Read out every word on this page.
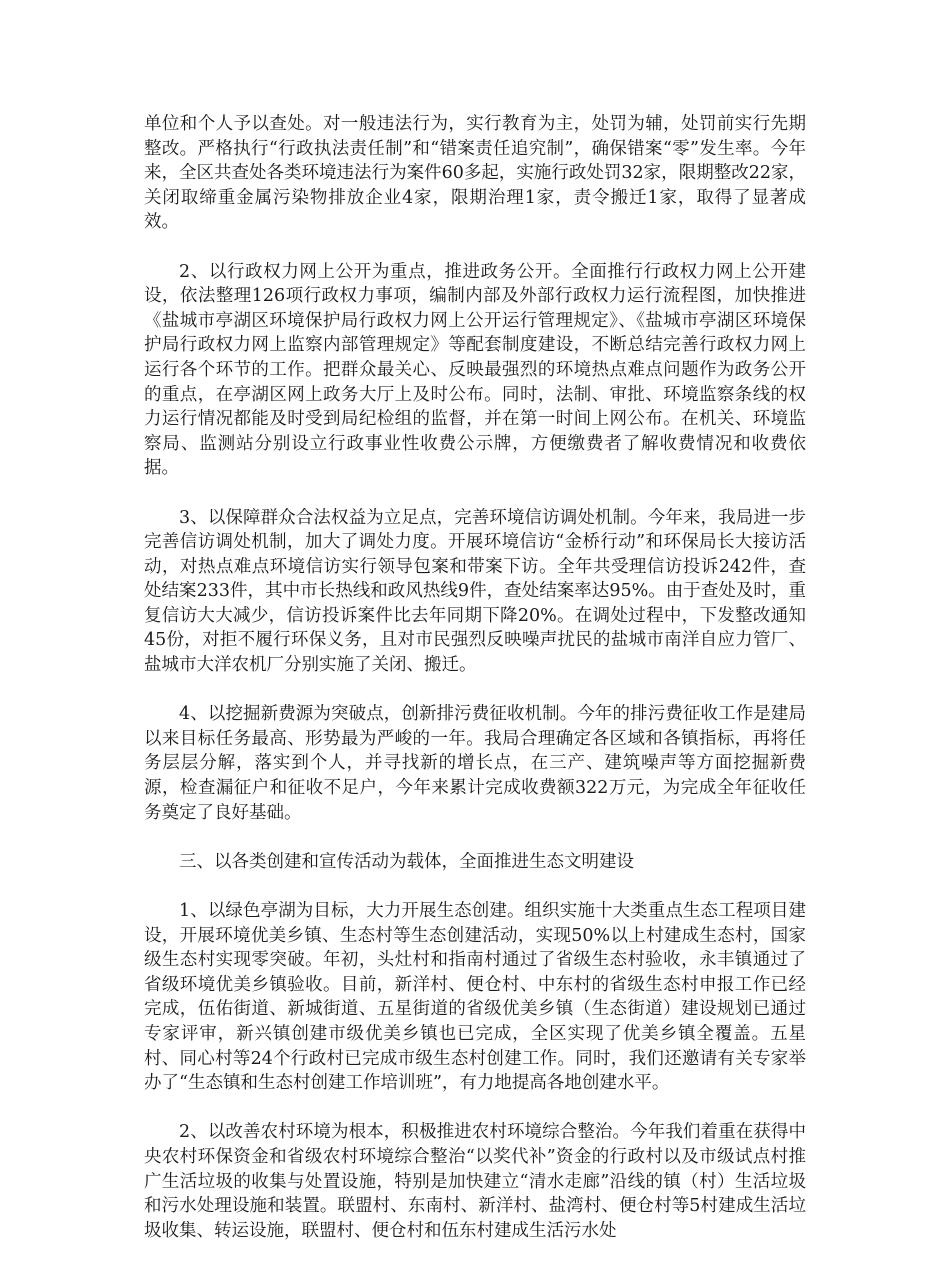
单位和个人予以查处。对一般违法行为，实行教育为主，处罚为辅，处罚前实行先期整改。严格执行“行政执法责任制”和“错案责任追究制”，确保错案“零”发生率。今年来，全区共查处各类环境违法行为案件60多起，实施行政处罚32家，限期整改22家，关闭取缔重金属污染物排放企业4家，限期治理1家，责令搬迁1家，取得了显著成效。

2、以行政权力网上公开为重点，推进政务公开。全面推行行政权力网上公开建设，依法整理126项行政权力事项，编制内部及外部行政权力运行流程图，加快推进《盐城市亭湖区环境保护局行政权力网上公开运行管理规定》、《盐城市亭湖区环境保护局行政权力网上监察内部管理规定》等配套制度建设，不断总结完善行政权力网上运行各个环节的工作。把群众最关心、反映最强烈的环境热点难点问题作为政务公开的重点，在亭湖区网上政务大厅上及时公布。同时，法制、审批、环境监察条线的权力运行情况都能及时受到局纪检组的监督，并在第一时间上网公布。在机关、环境监察局、监测站分别设立行政事业性收费公示牌，方便缴费者了解收费情况和收费依据。

3、以保障群众合法权益为立足点，完善环境信访调处机制。今年来，我局进一步完善信访调处机制，加大了调处力度。开展环境信访“金桥行动”和环保局长大接访活动，对热点难点环境信访实行领导包案和带案下访。全年共受理信访投诉242件，查处结案233件，其中市长热线和政风热线9件，查处结案率达95%。由于查处及时，重复信访大大减少，信访投诉案件比去年同期下降20%。在调处过程中，下发整改通知45份，对拒不履行环保义务，且对市民强烈反映噪声扰民的盐城市南洋自应力管厂、盐城市大洋农机厂分别实施了关闭、搬迁。

4、以挖掘新费源为突破点，创新排污费征收机制。今年的排污费征收工作是建局以来目标任务最高、形势最为严峻的一年。我局合理确定各区域和各镇指标，再将任务层层分解，落实到个人，并寻找新的增长点，在三产、建筑噪声等方面挖掘新费源，检查漏征户和征收不足户，今年来累计完成收费额322万元，为完成全年征收任务奠定了良好基础。

三、以各类创建和宣传活动为载体，全面推进生态文明建设

1、以绿色亭湖为目标，大力开展生态创建。组织实施十大类重点生态工程项目建设，开展环境优美乡镇、生态村等生态创建活动，实现50%以上村建成生态村，国家级生态村实现零突破。年初，头灶村和指南村通过了省级生态村验收，永丰镇通过了省级环境优美乡镇验收。目前，新洋村、便仓村、中东村的省级生态村申报工作已经完成，伍佑街道、新城街道、五星街道的省级优美乡镇（生态街道）建设规划已通过专家评审，新兴镇创建市级优美乡镇也已完成，全区实现了优美乡镇全覆盖。五星村、同心村等24个行政村已完成市级生态村创建工作。同时，我们还邀请有关专家举办了“生态镇和生态村创建工作培训班”，有力地提高各地创建水平。

2、以改善农村环境为根本，积极推进农村环境综合整治。今年我们着重在获得中央农村环保资金和省级农村环境综合整治“以奖代补”资金的行政村以及市级试点村推广生活垃圾的收集与处置设施，特别是加快建立“清水走廊”沿线的镇（村）生活垃圾和污水处理设施和装置。联盟村、东南村、新洋村、盐湾村、便仓村等5村建成生活垃圾收集、转运设施，联盟村、便仓村和伍东村建成生活污水处
